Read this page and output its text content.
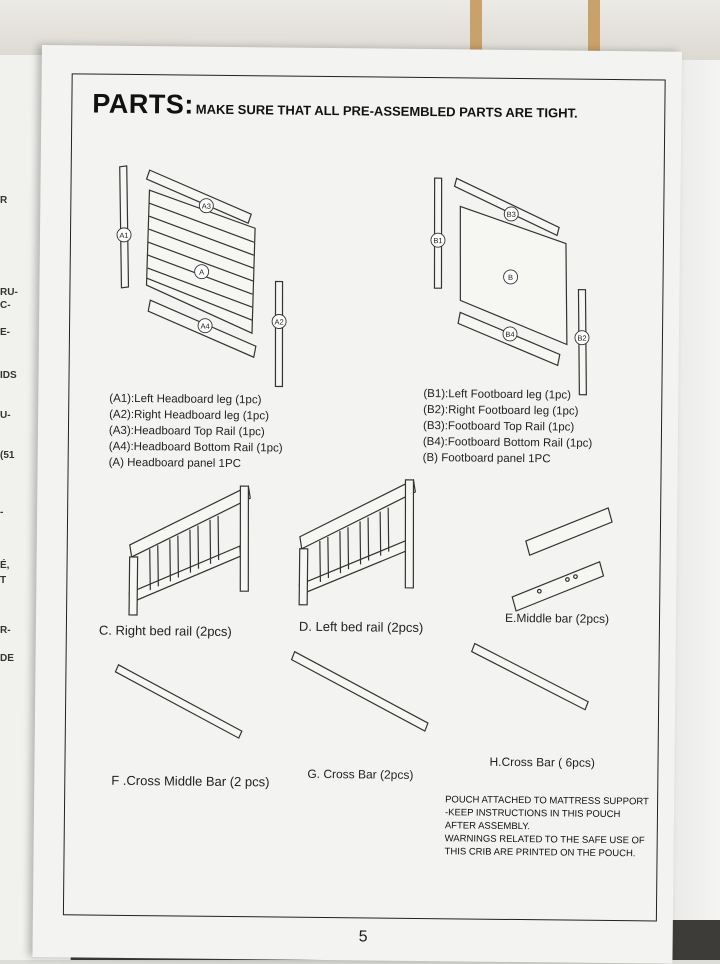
R
RU-
C-
E-
IDS
U-
(51
-
É,
T
R-
DE
PARTS: MAKE SURE THAT ALL PRE-ASSEMBLED PARTS ARE TIGHT.
A3
A1
A
A2
A4
B3
B1
B
B4	B2
(A1):Left Headboard leg (1pc)
(A2):Right Headboard leg (1pc)
(A3):Headboard Top Rail (1pc)
(A4):Headboard Bottom Rail (1pc)
(A) Headboard panel 1PC
(B1):Left Footboard leg (1pc)
(B2):Right Footboard leg (1pc)
(B3):Footboard Top Rail (1pc)
(B4):Footboard Bottom Rail (1pc)
(B) Footboard panel 1PC
C. Right bed rail (2pcs)	D. Left bed rail (2pcs)
E.Middle bar (2pcs)
F .Cross Middle Bar (2 pcs)	G. Cross Bar (2pcs)
H.Cross Bar ( 6pcs)
POUCH ATTACHED TO MATTRESS SUPPORT
-KEEP INSTRUCTIONS IN THIS POUCH
AFTER ASSEMBLY.
WARNINGS RELATED TO THE SAFE USE OF
THIS CRIB ARE PRINTED ON THE POUCH.
5
